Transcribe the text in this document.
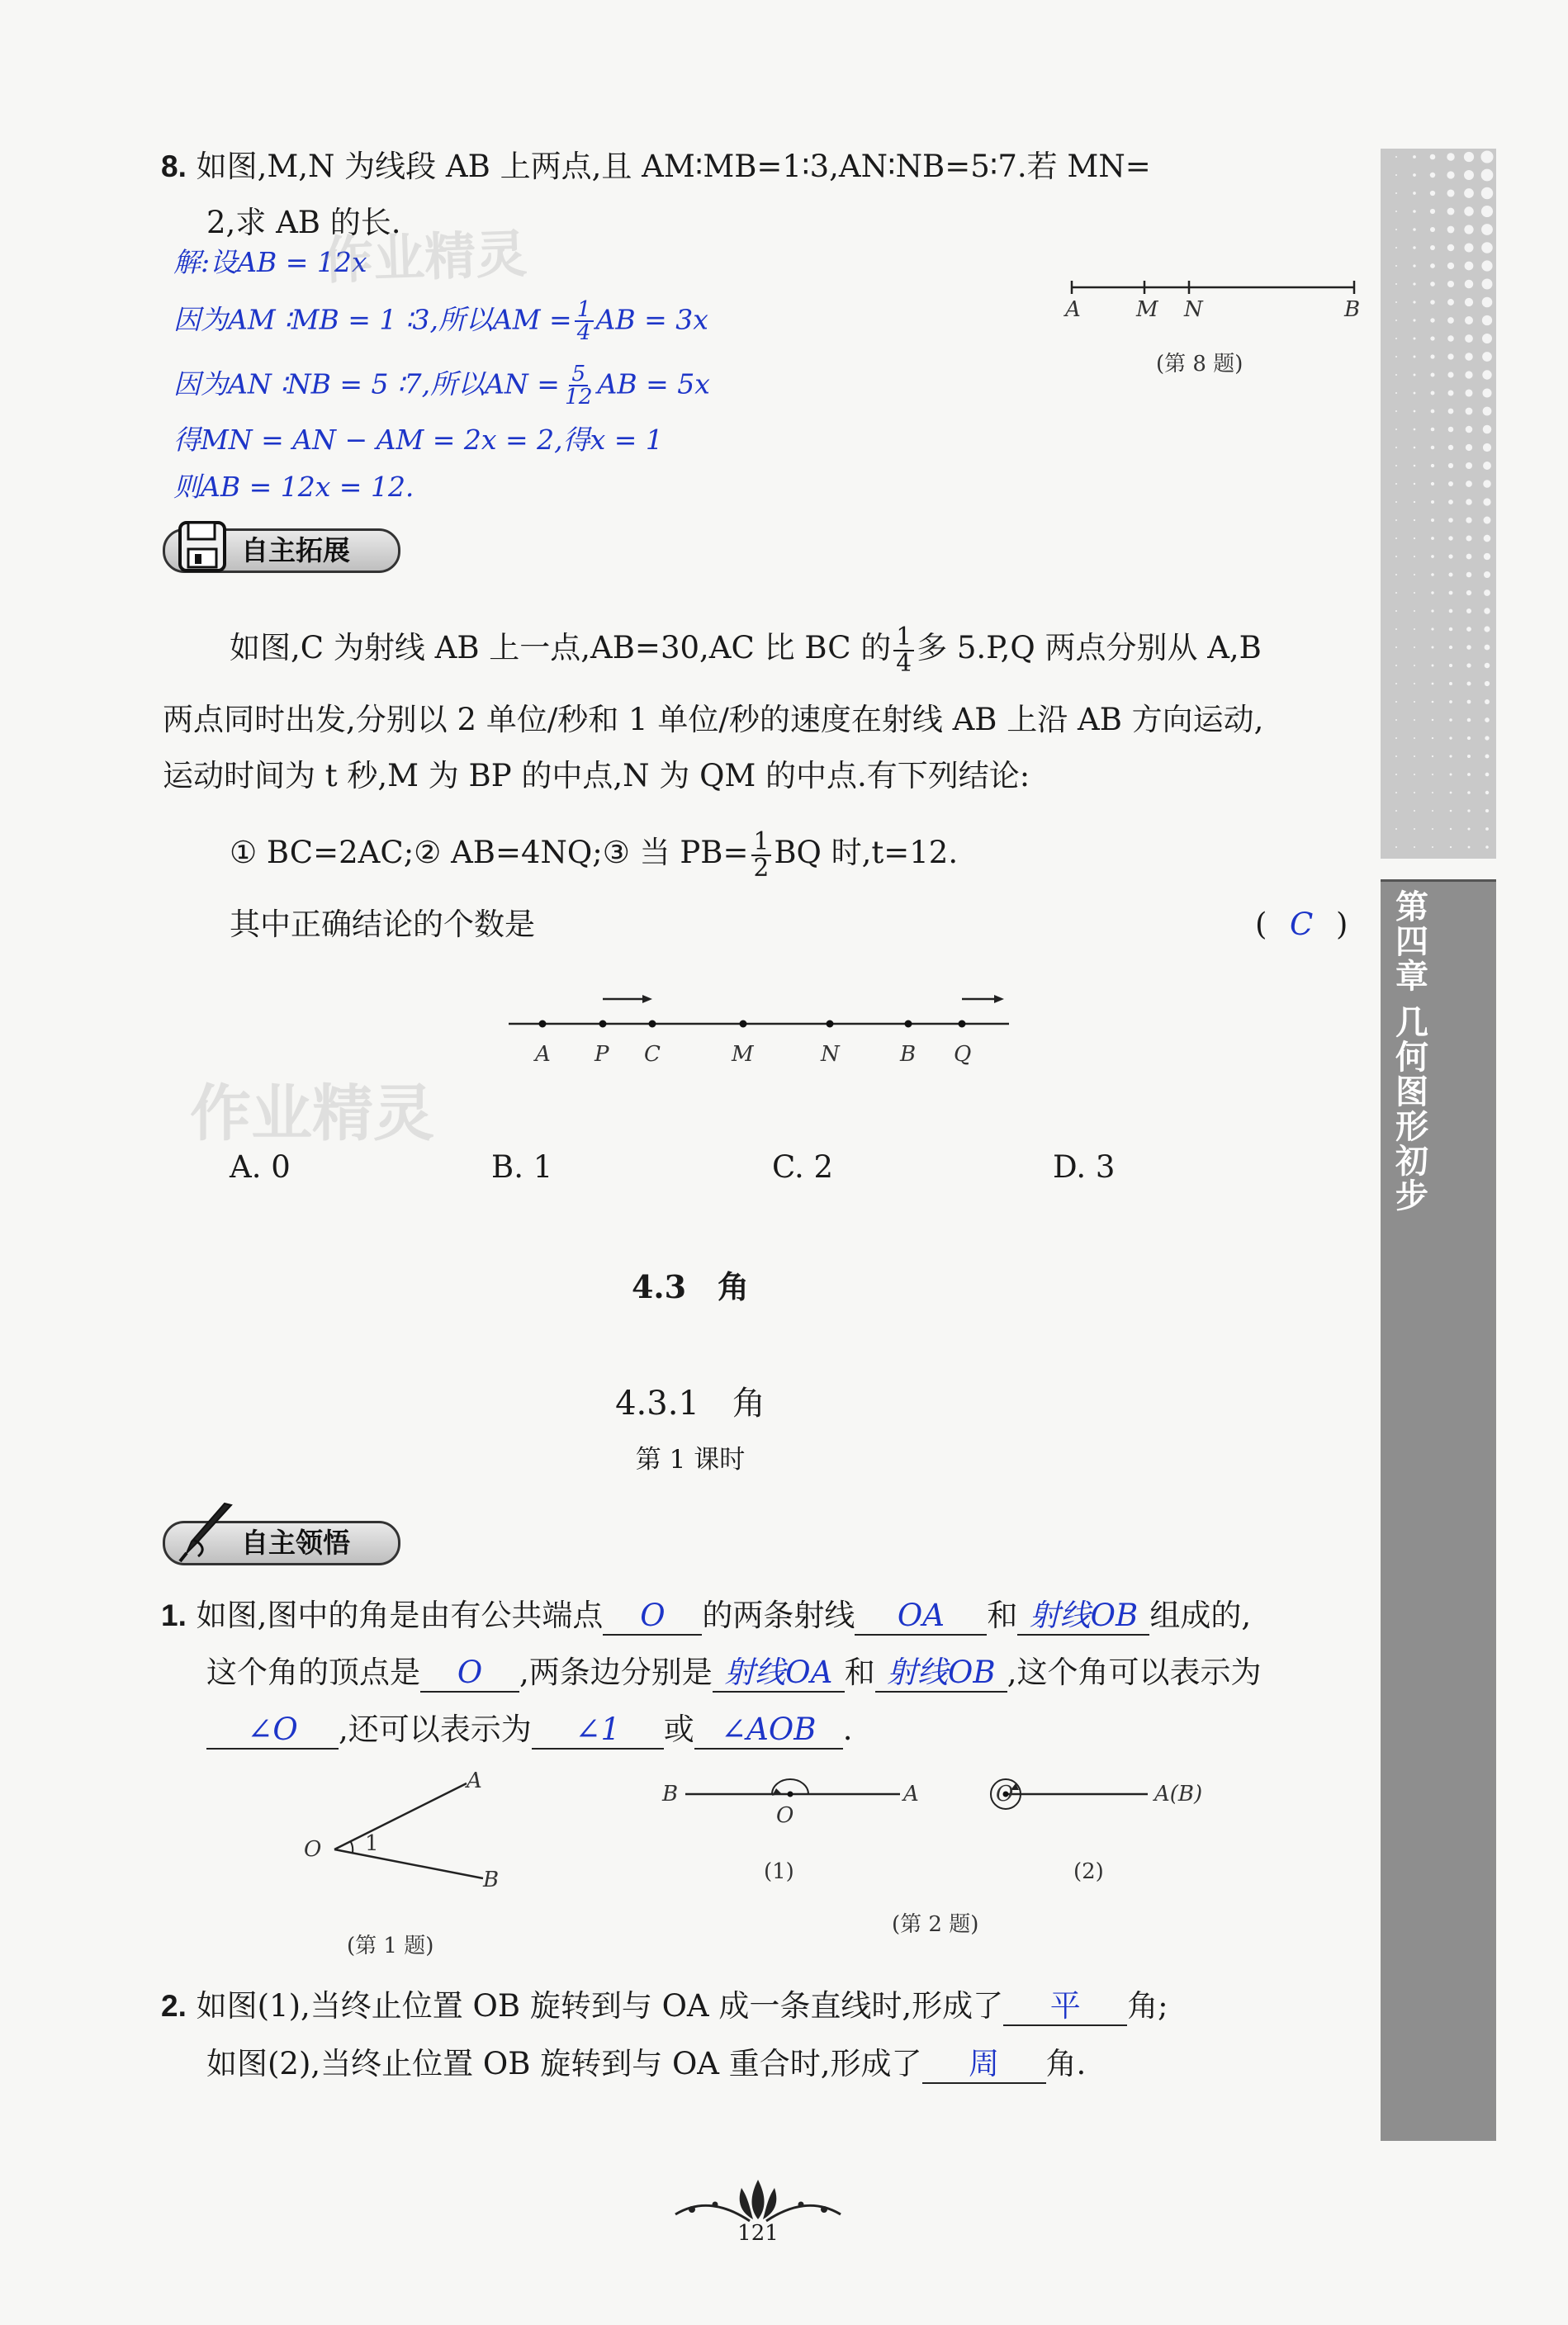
8. 如图,M,N 为线段 AB 上两点,且 AM∶MB=1∶3,AN∶NB=5∶7.若 MN=
2,求 AB 的长.
解:设AB = 12x
因为AM ∶MB = 1 ∶3,所以AM = $\frac{1}{4}$ AB = 3x
因为AN ∶NB = 5 ∶7,所以AN = $\frac{5}{12}$ AB = 5x
得MN = AN − AM = 2x = 2,得x = 1
则AB = 12x = 12.
A	M N	B
(第 8 题)
自主拓展
如图,C 为射线 AB 上一点,AB=30,AC 比 BC 的 $\frac{1}{4}$ 多 5.P,Q 两点分别从 A,B
两点同时出发,分别以 2 单位/秒和 1 单位/秒的速度在射线 AB 上沿 AB 方向运动,
运动时间为 t 秒,M 为 BP 的中点,N 为 QM 的中点.有下列结论:
① BC=2AC;② AB=4NQ;③ 当 $PB= \frac{1}{2}$ BQ 时,t=12.
其中正确结论的个数是	( C )
A P C	M	N	B Q
A. 0	B. 1	C. 2	D. 3
4.3　角
4.3.1　角
第 1 课时
自主领悟
1. 如图,图中的角是由有公共端点 O 的两条射线 OA 和 射线OB 组成的,
这个角的顶点是 O ,两条边分别是 射线OA 和 射线OB ,这个角可以表示为
∠O ,还可以表示为 ∠1 或 ∠AOB .
A
O 1
B
(第 1 题)
B
O
A
(1)
O	A(B)
(2)
(第 2 题)
2. 如图(1),当终止位置 OB 旋转到与 OA 成一条直线时,形成了 平 角;
如图(2),当终止位置 OB 旋转到与 OA 重合时,形成了 周 角.
第
四
章
几
何
图
形
初
步
作业精灵
作业精灵
121
